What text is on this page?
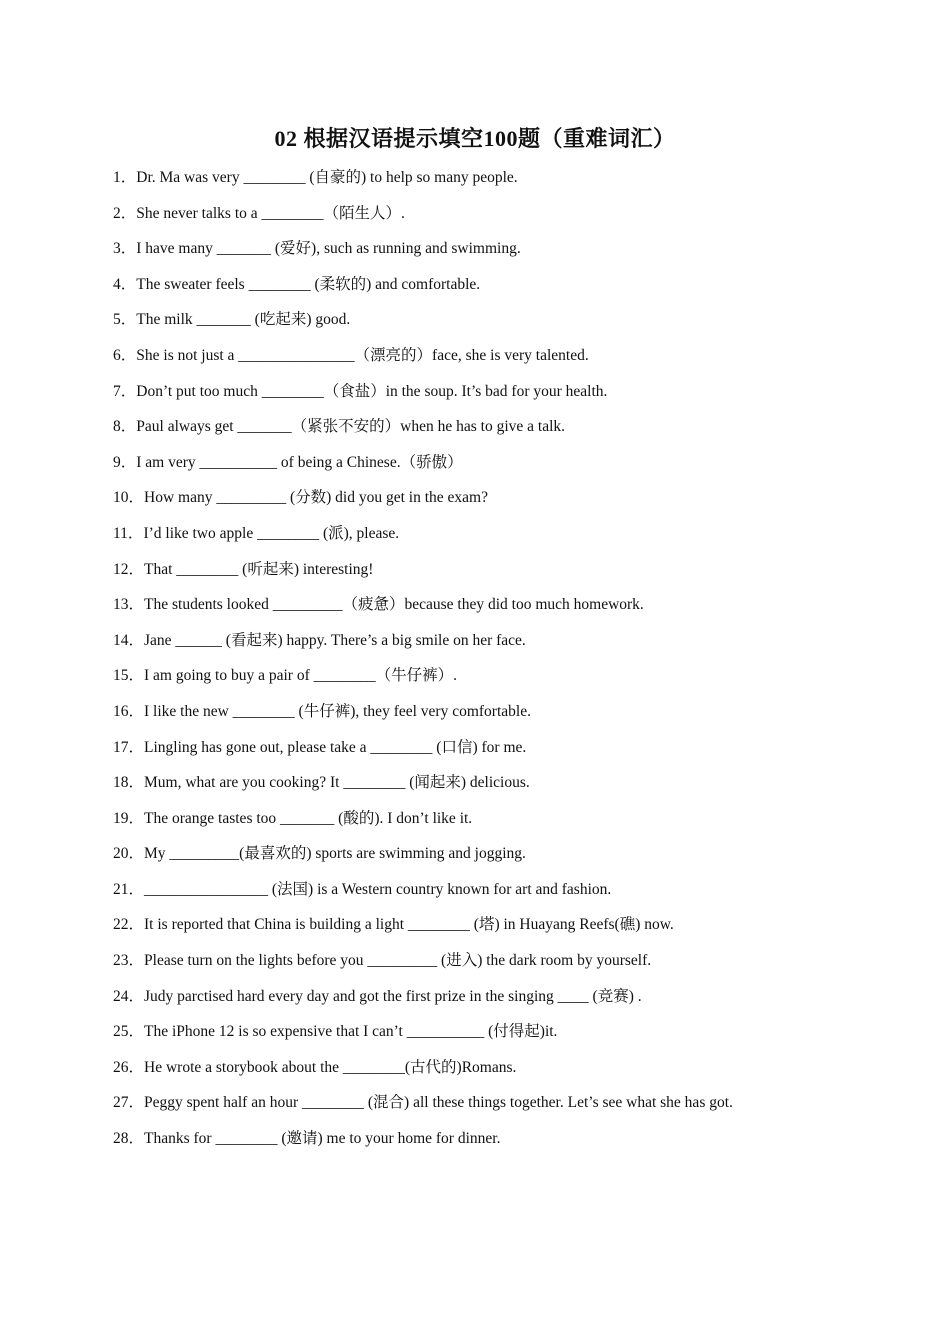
02 根据汉语提示填空100题（重难词汇）
1．Dr. Ma was very ________ (自豪的) to help so many people.
2．She never talks to a ________（陌生人）.
3．I have many _______ (爱好), such as running and swimming.
4．The sweater feels ________ (柔软的) and comfortable.
5．The milk _______ (吃起来) good.
6．She is not just a _______________（漂亮的）face, she is very talented.
7．Don’t put too much ________（食盐）in the soup. It’s bad for your health.
8．Paul always get _______（紧张不安的）when he has to give a talk.
9．I am very __________ of being a Chinese.（骄傲）
10．How many _________ (分数) did you get in the exam?
11．I’d like two apple ________ (派), please.
12．That ________ (听起来) interesting!
13．The students looked _________（疲惫）because they did too much homework.
14．Jane ______ (看起来) happy. There’s a big smile on her face.
15．I am going to buy a pair of ________（牛仔裤）.
16．I like the new ________ (牛仔裤), they feel very comfortable.
17．Lingling has gone out, please take a ________ (口信) for me.
18．Mum, what are you cooking? It ________ (闻起来) delicious.
19．The orange tastes too _______ (酸的). I don’t like it.
20．My _________(最喜欢的) sports are swimming and jogging.
21．________________ (法国) is a Western country known for art and fashion.
22．It is reported that China is building a light ________ (塔) in Huayang Reefs(礁) now.
23．Please turn on the lights before you _________ (进入) the dark room by yourself.
24．Judy parctised hard every day and got the first prize in the singing ____ (竞赛) .
25．The iPhone 12 is so expensive that I can’t __________ (付得起)it.
26．He wrote a storybook about the ________(古代的)Romans.
27．Peggy spent half an hour ________ (混合) all these things together. Let’s see what she has got.
28．Thanks for ________ (邀请) me to your home for dinner.
